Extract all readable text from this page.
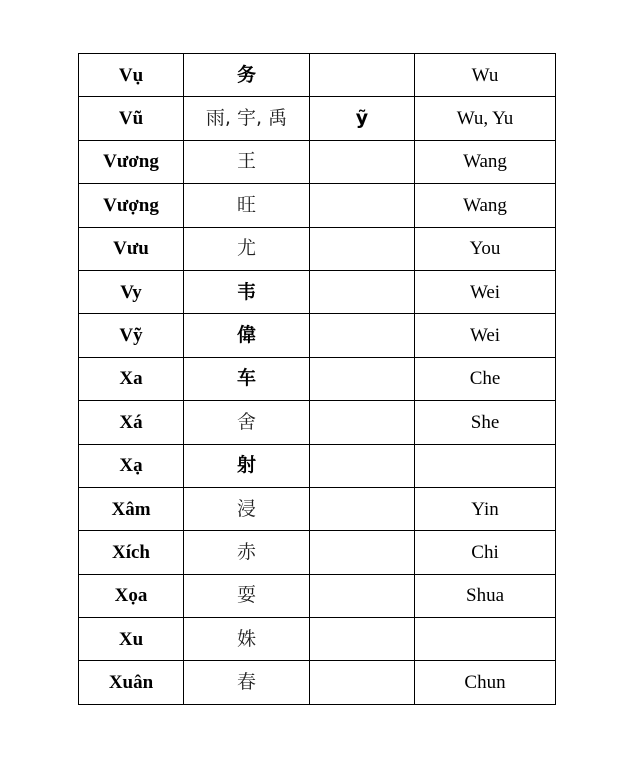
Vụ	务		Wu
Vũ	雨, 宇, 禹	ỹ	Wu, Yu
Vương	王		Wang
Vượng	旺		Wang
Vưu	尤		You
Vy	韦		Wei
Vỹ	偉		Wei
Xa	车		Che
Xá	舍		She
Xạ	射		
Xâm	浸		Yin
Xích	赤		Chi
Xọa	耍		Shua
Xu	姝		
Xuân	春		Chun
